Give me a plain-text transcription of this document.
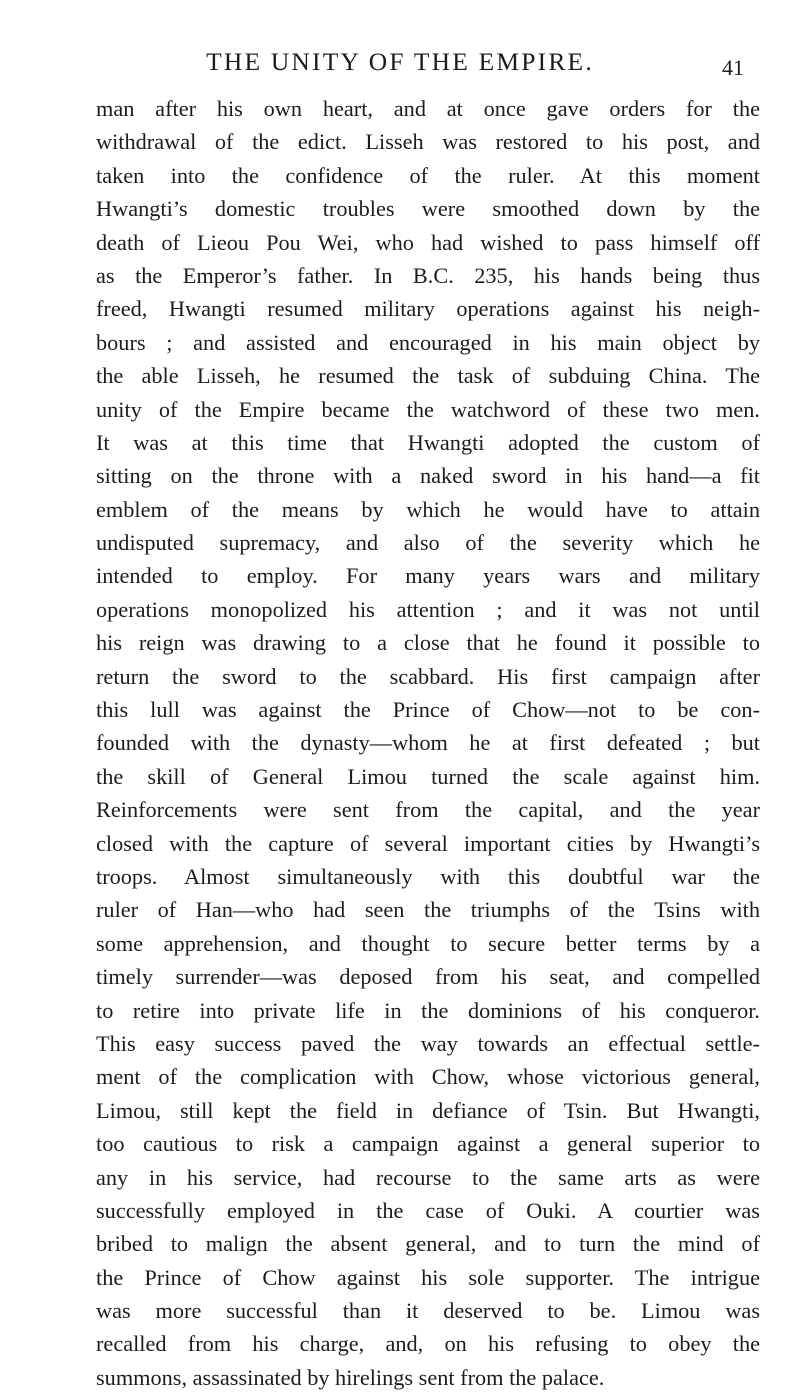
THE UNITY OF THE EMPIRE.	41
man after his own heart, and at once gave orders for the
withdrawal of the edict. Lisseh was restored to his post, and
taken into the confidence of the ruler. At this moment
Hwangti’s domestic troubles were smoothed down by the
death of Lieou Pou Wei, who had wished to pass himself off
as the Emperor’s father. In B.C. 235, his hands being thus
freed, Hwangti resumed military operations against his neigh-
bours ; and assisted and encouraged in his main object by
the able Lisseh, he resumed the task of subduing China. The
unity of the Empire became the watchword of these two men.
It was at this time that Hwangti adopted the custom of
sitting on the throne with a naked sword in his hand—a fit
emblem of the means by which he would have to attain
undisputed supremacy, and also of the severity which he
intended to employ. For many years wars and military
operations monopolized his attention ; and it was not until
his reign was drawing to a close that he found it possible to
return the sword to the scabbard. His first campaign after
this lull was against the Prince of Chow—not to be con-
founded with the dynasty—whom he at first defeated ; but
the skill of General Limou turned the scale against him.
Reinforcements were sent from the capital, and the year
closed with the capture of several important cities by Hwangti’s
troops. Almost simultaneously with this doubtful war the
ruler of Han—who had seen the triumphs of the Tsins with
some apprehension, and thought to secure better terms by a
timely surrender—was deposed from his seat, and compelled
to retire into private life in the dominions of his conqueror.
This easy success paved the way towards an effectual settle-
ment of the complication with Chow, whose victorious general,
Limou, still kept the field in defiance of Tsin. But Hwangti,
too cautious to risk a campaign against a general superior to
any in his service, had recourse to the same arts as were
successfully employed in the case of Ouki. A courtier was
bribed to malign the absent general, and to turn the mind of
the Prince of Chow against his sole supporter. The intrigue
was more successful than it deserved to be. Limou was
recalled from his charge, and, on his refusing to obey the
summons, assassinated by hirelings sent from the palace.
